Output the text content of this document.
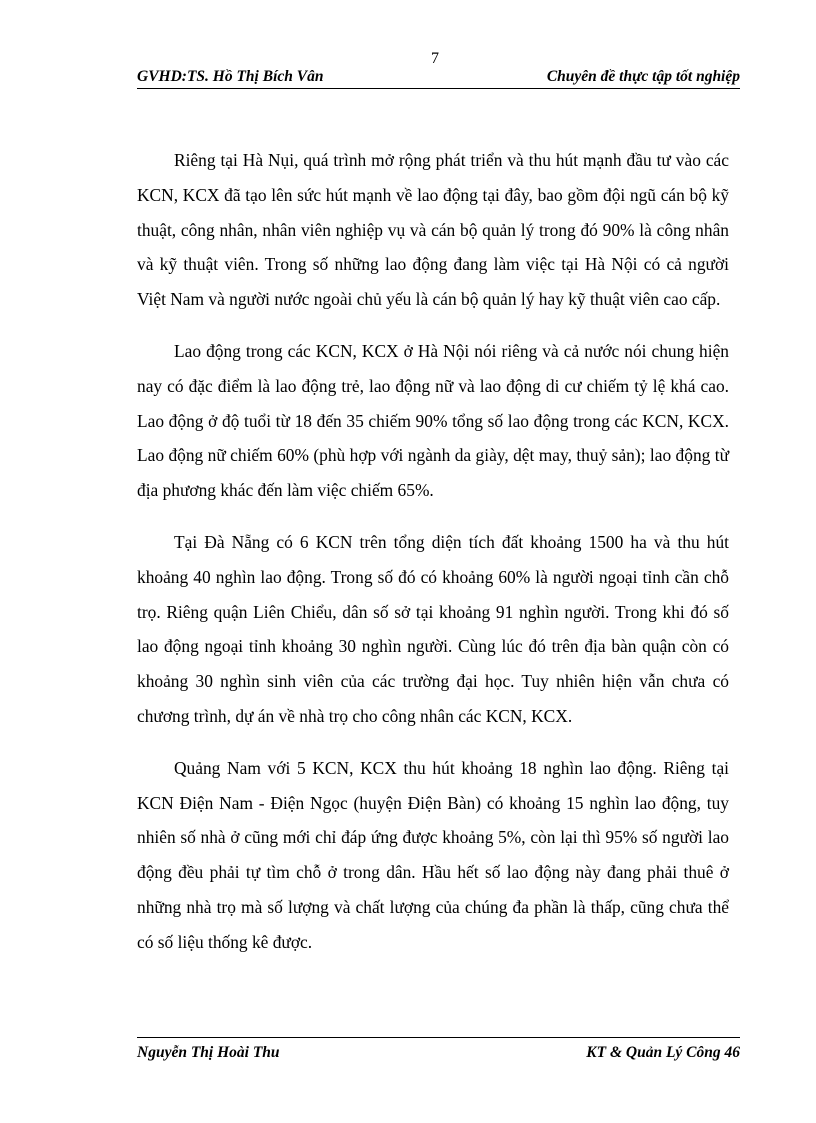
7
GVHD:TS. Hồ Thị Bích Vân	Chuyên đề thực tập tốt nghiệp

Riêng tại Hà Nụi, quá trình mở rộng phát triển và thu hút mạnh đầu tư vào các KCN, KCX đã tạo lên sức hút mạnh về lao động tại đây, bao gồm đội ngũ cán bộ kỹ thuật, công nhân, nhân viên nghiệp vụ và cán bộ quản lý trong đó 90% là công nhân và kỹ thuật viên. Trong số những lao động đang làm việc tại Hà Nội có cả người Việt Nam và người nước ngoài chủ yếu là cán bộ quản lý hay kỹ thuật viên cao cấp.

Lao động trong các KCN, KCX ở Hà Nội nói riêng và cả nước nói chung hiện nay có đặc điểm là lao động trẻ, lao động nữ và lao động di cư chiếm tỷ lệ khá cao. Lao động ở độ tuổi từ 18 đến 35 chiếm 90% tổng số lao động trong các KCN, KCX. Lao động nữ chiếm 60% (phù hợp với ngành da giày, dệt may, thuỷ sản); lao động từ địa phương khác đến làm việc chiếm 65%.

Tại Đà Nẵng có 6 KCN trên tổng diện tích đất khoảng 1500 ha và thu hút khoảng 40 nghìn lao động. Trong số đó có khoảng 60% là người ngoại tỉnh cần chỗ trọ. Riêng quận Liên Chiểu, dân số sở tại khoảng 91 nghìn người. Trong khi đó số lao động ngoại tỉnh khoảng 30 nghìn người. Cùng lúc đó trên địa bàn quận còn có khoảng 30 nghìn sinh viên của các trường đại học. Tuy nhiên hiện vẫn chưa có chương trình, dự án về nhà trọ cho công nhân các KCN, KCX.

Quảng Nam với 5 KCN, KCX thu hút khoảng 18 nghìn lao động. Riêng tại KCN Điện Nam - Điện Ngọc (huyện Điện Bàn) có khoảng 15 nghìn lao động, tuy nhiên số nhà ở cũng mới chỉ đáp ứng được khoảng 5%, còn lại thì 95% số người lao động đều phải tự tìm chỗ ở trong dân. Hầu hết số lao động này đang phải thuê ở những nhà trọ mà số lượng và chất lượng của chúng đa phần là thấp, cũng chưa thể có số liệu thống kê được.

Nguyễn Thị Hoài Thu	KT & Quản Lý Công 46
